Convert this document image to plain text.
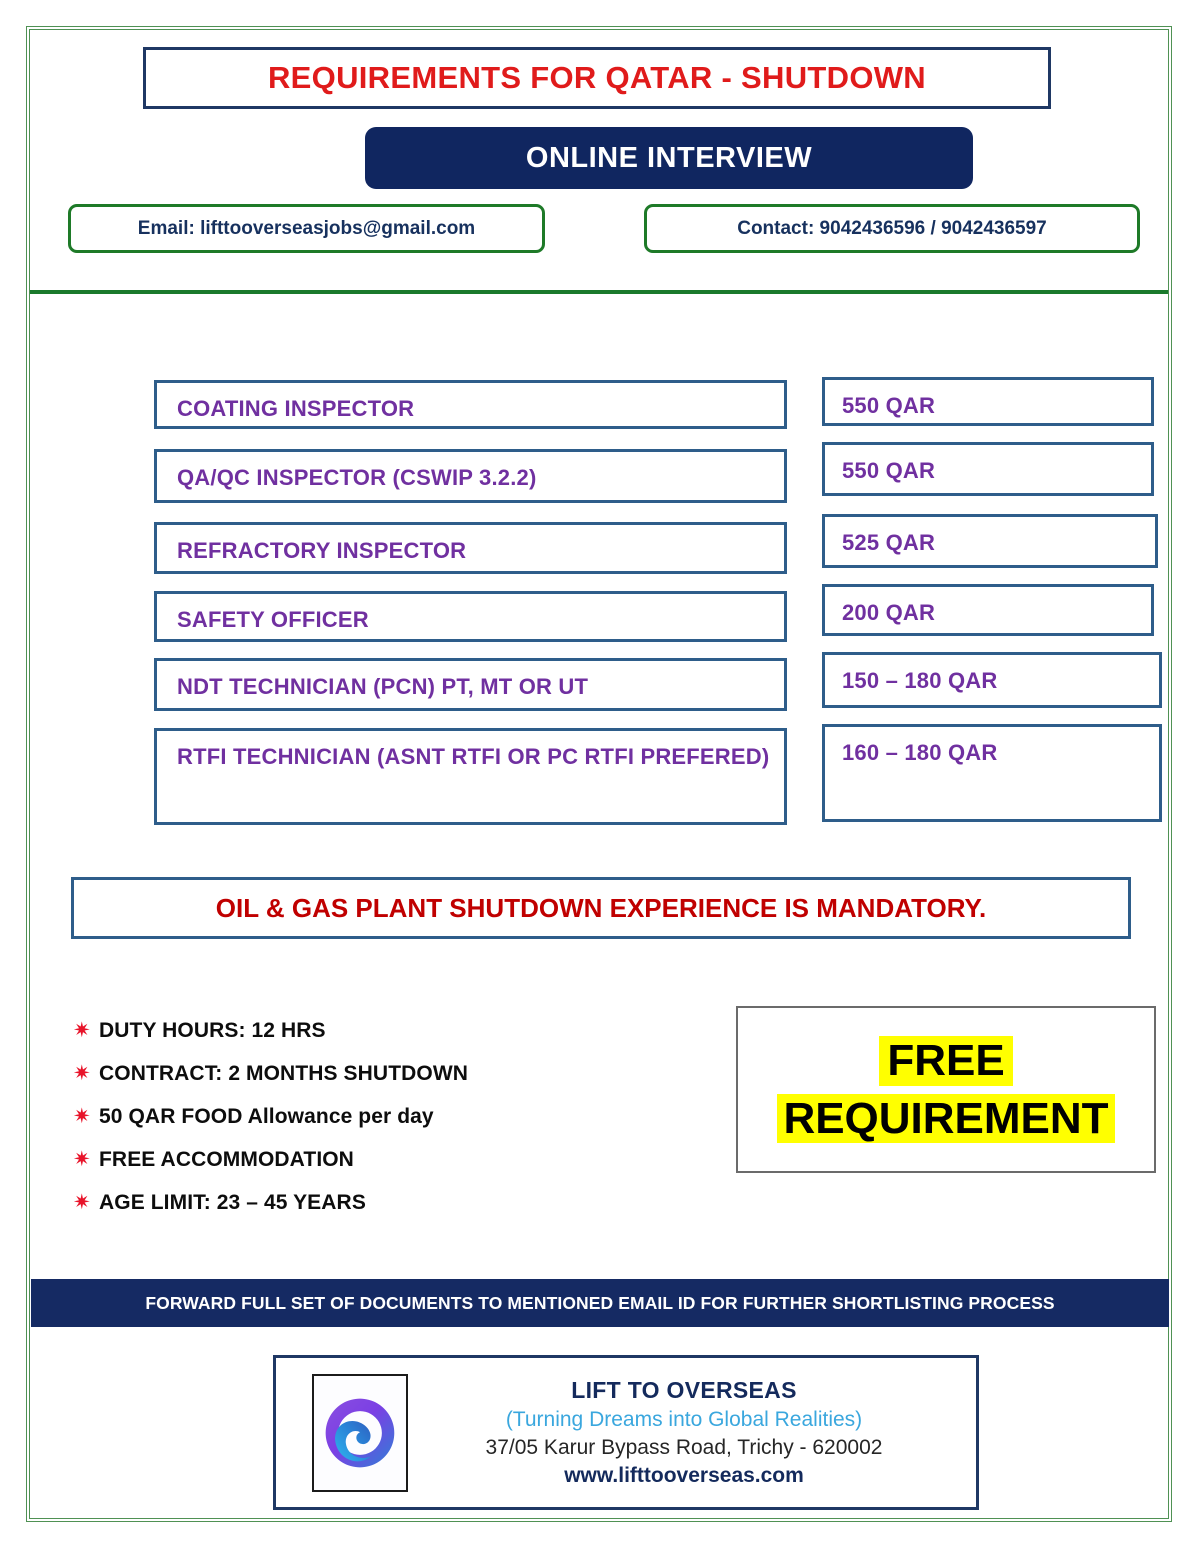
REQUIREMENTS FOR QATAR - SHUTDOWN
ONLINE INTERVIEW
Email: lifttooverseasjobs@gmail.com	Contact: 9042436596 / 9042436597
COATING INSPECTOR	550 QAR
QA/QC INSPECTOR (CSWIP 3.2.2)	550 QAR
REFRACTORY INSPECTOR	525 QAR
SAFETY OFFICER	200 QAR
NDT TECHNICIAN (PCN) PT, MT OR UT	150 – 180 QAR
RTFI TECHNICIAN (ASNT RTFI OR PC RTFI PREFERED)	160 – 180 QAR
OIL & GAS PLANT SHUTDOWN EXPERIENCE IS MANDATORY.
✷ DUTY HOURS: 12 HRS
✷ CONTRACT: 2 MONTHS SHUTDOWN
✷ 50 QAR FOOD Allowance per day
✷ FREE ACCOMMODATION
✷ AGE LIMIT: 23 – 45 YEARS
FREE
REQUIREMENT
FORWARD FULL SET OF DOCUMENTS TO MENTIONED EMAIL ID FOR FURTHER SHORTLISTING PROCESS
LIFT TO OVERSEAS
(Turning Dreams into Global Realities)
37/05 Karur Bypass Road, Trichy - 620002
www.lifttooverseas.com
